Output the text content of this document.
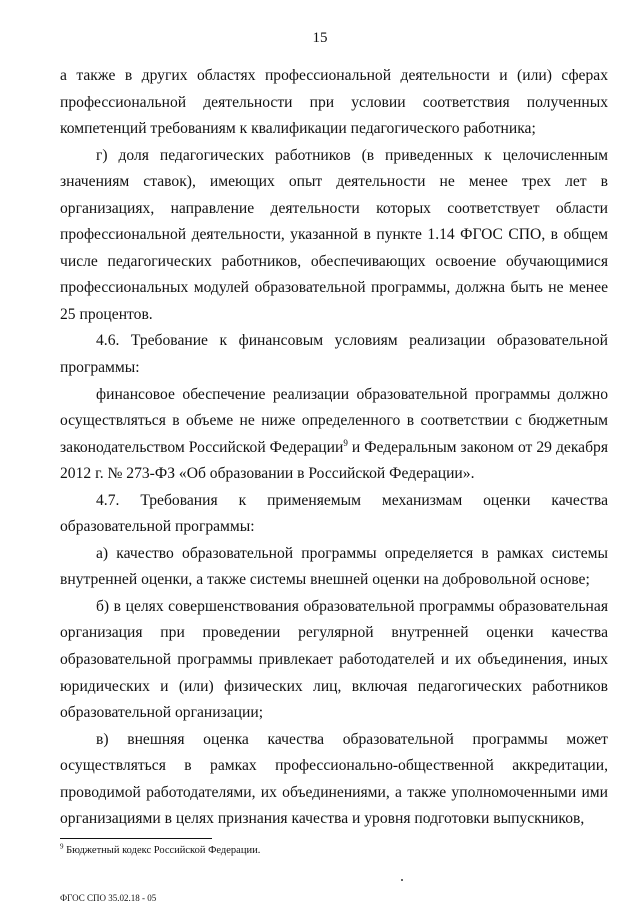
15

а также в других областях профессиональной деятельности и (или) сферах профессиональной деятельности при условии соответствия полученных компетенций требованиям к квалификации педагогического работника;

г) доля педагогических работников (в приведенных к целочисленным значениям ставок), имеющих опыт деятельности не менее трех лет в организациях, направление деятельности которых соответствует области профессиональной деятельности, указанной в пункте 1.14 ФГОС СПО, в общем числе педагогических работников, обеспечивающих освоение обучающимися профессиональных модулей образовательной программы, должна быть не менее 25 процентов.

4.6. Требование к финансовым условиям реализации образовательной программы:

финансовое обеспечение реализации образовательной программы должно осуществляться в объеме не ниже определенного в соответствии с бюджетным законодательством Российской Федерации$^9$ и Федеральным законом от 29 декабря 2012 г. № 273-ФЗ «Об образовании в Российской Федерации».

4.7. Требования к применяемым механизмам оценки качества образовательной программы:

а) качество образовательной программы определяется в рамках системы внутренней оценки, а также системы внешней оценки на добровольной основе;

б) в целях совершенствования образовательной программы образовательная организация при проведении регулярной внутренней оценки качества образовательной программы привлекает работодателей и их объединения, иных юридических и (или) физических лиц, включая педагогических работников образовательной организации;

в) внешняя оценка качества образовательной программы может осуществляться в рамках профессионально-общественной аккредитации, проводимой работодателями, их объединениями, а также уполномоченными ими организациями в целях признания качества и уровня подготовки выпускников,

$^9$ Бюджетный кодекс Российской Федерации.
ФГОС СПО 35.02.18 - 05
